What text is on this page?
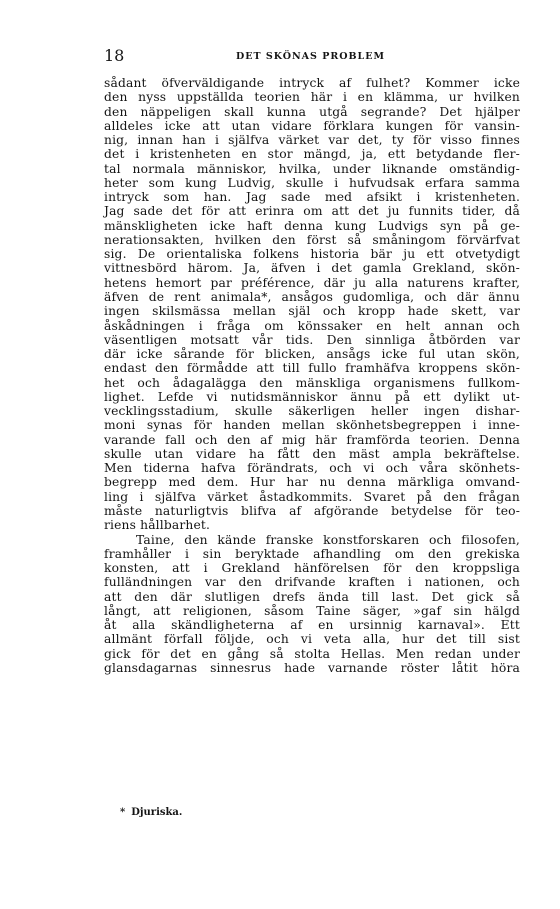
18	DET SKÖNAS PROBLEM
sådant öfverväldigande intryck af fulhet? Kommer icke
den nyss uppställda teorien här i en klämma, ur hvilken
den näppeligen skall kunna utgå segrande? Det hjälper
alldeles icke att utan vidare förklara kungen för vansin-
nig, innan han i själfva värket var det, ty för visso finnes
det i kristenheten en stor mängd, ja, ett betydande fler-
tal normala människor, hvilka, under liknande omständig-
heter som kung Ludvig, skulle i hufvudsak erfara samma
intryck som han. Jag sade med afsikt i kristenheten.
Jag sade det för att erinra om att det ju funnits tider, då
mänskligheten icke haft denna kung Ludvigs syn på ge-
nerationsakten, hvilken den först så småningom förvärfvat
sig. De orientaliska folkens historia bär ju ett otvetydigt
vittnesbörd härom. Ja, äfven i det gamla Grekland, skön-
hetens hemort par préférence, där ju alla naturens krafter,
äfven de rent animala*, ansågos gudomliga, och där ännu
ingen skilsmässa mellan själ och kropp hade skett, var
åskådningen i fråga om könssaker en helt annan och
väsentligen motsatt vår tids. Den sinnliga åtbörden var
där icke sårande för blicken, ansågs icke ful utan skön,
endast den förmådde att till fullo framhäfva kroppens skön-
het och ådagalägga den mänskliga organismens fullkom-
lighet. Lefde vi nutidsmänniskor ännu på ett dylikt ut-
vecklingsstadium, skulle säkerligen heller ingen dishar-
moni synas för handen mellan skönhetsbegreppen i inne-
varande fall och den af mig här framförda teorien. Denna
skulle utan vidare ha fått den mäst ampla bekräftelse.
Men tiderna hafva förändrats, och vi och våra skönhets-
begrepp med dem. Hur har nu denna märkliga omvand-
ling i själfva värket åstadkommits. Svaret på den frågan
måste naturligtvis blifva af afgörande betydelse för teo-
riens hållbarhet.
Taine, den kände franske konstforskaren och filosofen,
framhåller i sin beryktade afhandling om den grekiska
konsten, att i Grekland hänförelsen för den kroppsliga
fulländningen var den drifvande kraften i nationen, och
att den där slutligen drefs ända till last. Det gick så
långt, att religionen, såsom Taine säger, »gaf sin hälgd
åt alla skändligheterna af en ursinnig karnaval». Ett
allmänt förfall följde, och vi veta alla, hur det till sist
gick för det en gång så stolta Hellas. Men redan under
glansdagarnas sinnesrus hade varnande röster låtit höra
* Djuriska.
